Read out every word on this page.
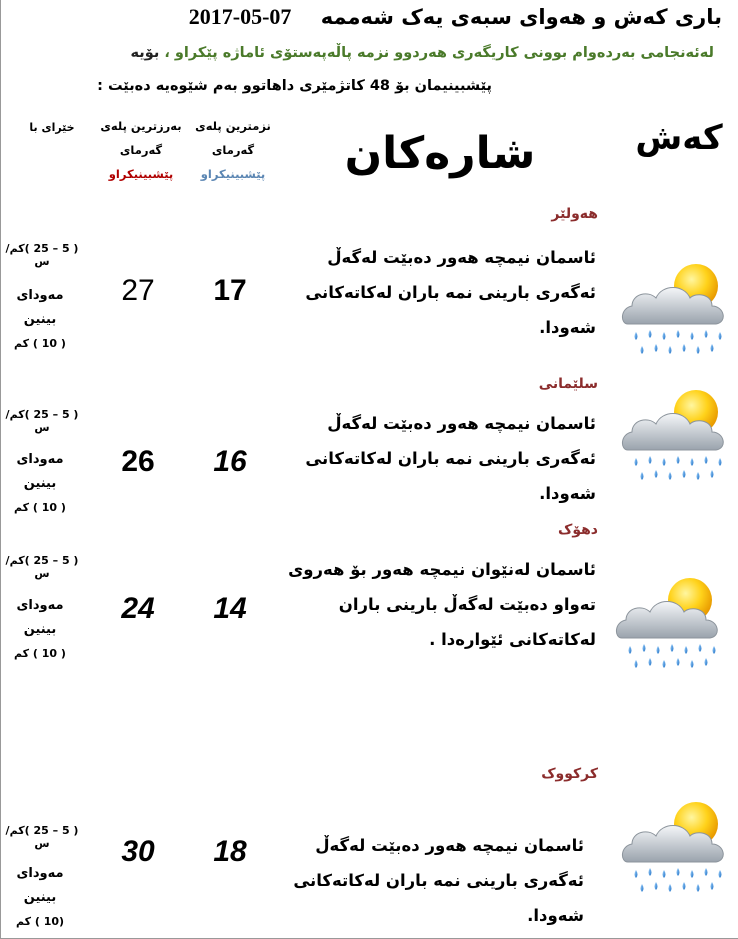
باری کەش و هەوای سبەی یەک شەممە 2017-05-07
لەئەنجامی بەردەوام بوونی کاریگەری هەردوو نزمە پاڵەپەستۆی ئاماژە پێکراو ، بۆیە
پێشبینیمان بۆ 48 کاتژمێری داهاتوو بەم شێوەیە دەبێت :
نزمترین پلەی
گەرمای
پێشبینیکراو
بەرزترین پلەی
گەرمای
پێشبینیکراو
خێرای با
شارەکان	کەش
هەولێر
ئاسمان نیمچە هەور دەبێت لەگەڵ
ئەگەری بارینی نمە باران لەکاتەکانی
شەودا.
17
27
( 5 – 25 )کم/س
مەودای
بینین
( 10 ) کم
سلێمانی
ئاسمان نیمچە هەور دەبێت لەگەڵ
ئەگەری بارینی نمە باران لەکاتەکانی
شەودا.
16
26
( 5 – 25 )کم/س
مەودای
بینین
( 10 ) کم
دهۆک
ئاسمان لەنێوان نیمچە هەور بۆ هەروی
تەواو دەبێت لەگەڵ بارینی باران
لەکاتەکانی ئێوارەدا .
14
24
( 5 – 25 )کم/س
مەودای
بینین
( 10 ) کم
کرکووک
ئاسمان نیمچە هەور دەبێت لەگەڵ
ئەگەری بارینی نمە باران لەکاتەکانی
شەودا.
18
30
( 5 – 25 )کم/س
مەودای
بینین
(10 ) کم
